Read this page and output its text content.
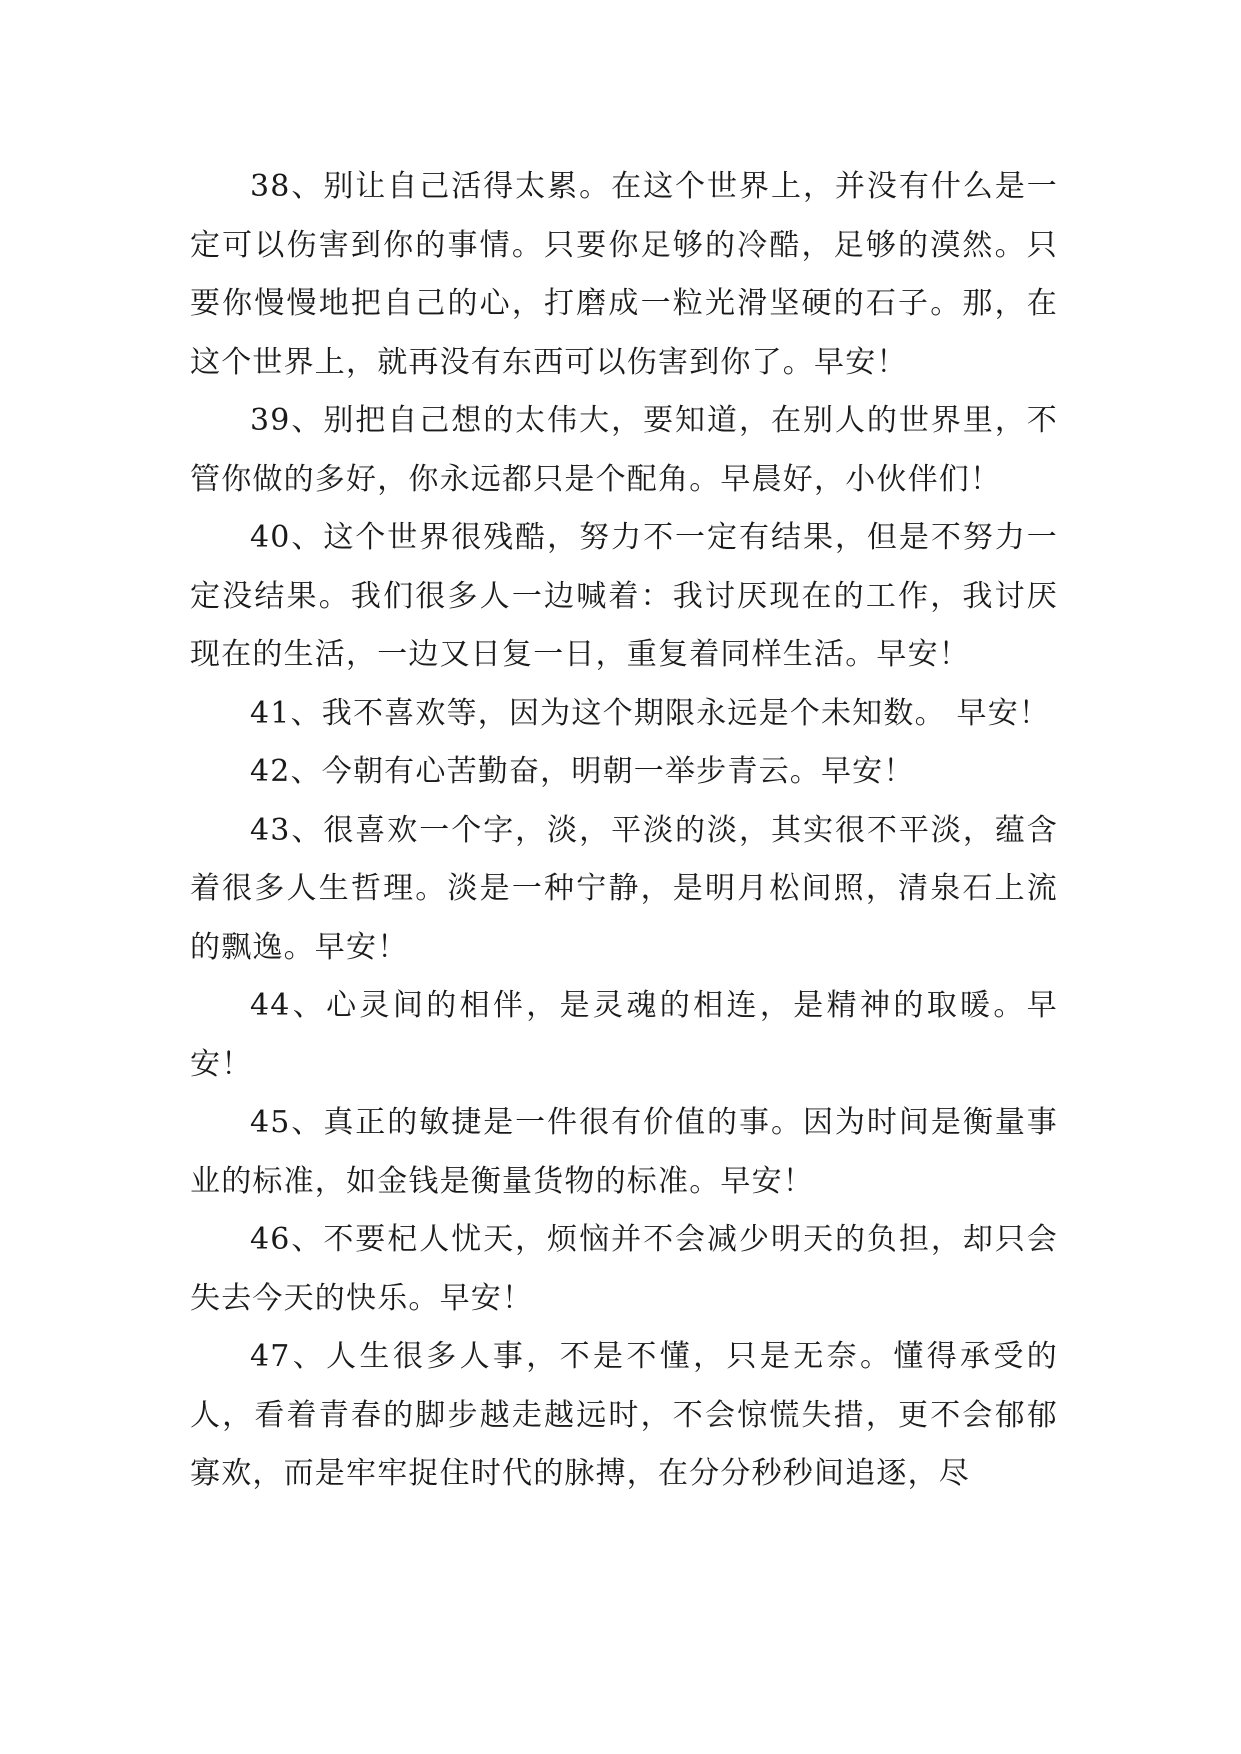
38、别让自己活得太累。在这个世界上，并没有什么是一定可以伤害到你的事情。只要你足够的冷酷，足够的漠然。只要你慢慢地把自己的心，打磨成一粒光滑坚硬的石子。那，在这个世界上，就再没有东西可以伤害到你了。早安！

39、别把自己想的太伟大，要知道，在别人的世界里，不管你做的多好，你永远都只是个配角。早晨好，小伙伴们！

40、这个世界很残酷，努力不一定有结果，但是不努力一定没结果。我们很多人一边喊着：我讨厌现在的工作，我讨厌现在的生活，一边又日复一日，重复着同样生活。早安！

41、我不喜欢等，因为这个期限永远是个未知数。 早安！

42、今朝有心苦勤奋，明朝一举步青云。早安！

43、很喜欢一个字，淡，平淡的淡，其实很不平淡，蕴含着很多人生哲理。淡是一种宁静，是明月松间照，清泉石上流的飘逸。早安！

44、心灵间的相伴，是灵魂的相连，是精神的取暖。早安！

45、真正的敏捷是一件很有价值的事。因为时间是衡量事业的标准，如金钱是衡量货物的标准。早安！

46、不要杞人忧天，烦恼并不会减少明天的负担，却只会失去今天的快乐。早安！

47、人生很多人事，不是不懂，只是无奈。懂得承受的人，看着青春的脚步越走越远时，不会惊慌失措，更不会郁郁寡欢，而是牢牢捉住时代的脉搏，在分分秒秒间追逐，尽
